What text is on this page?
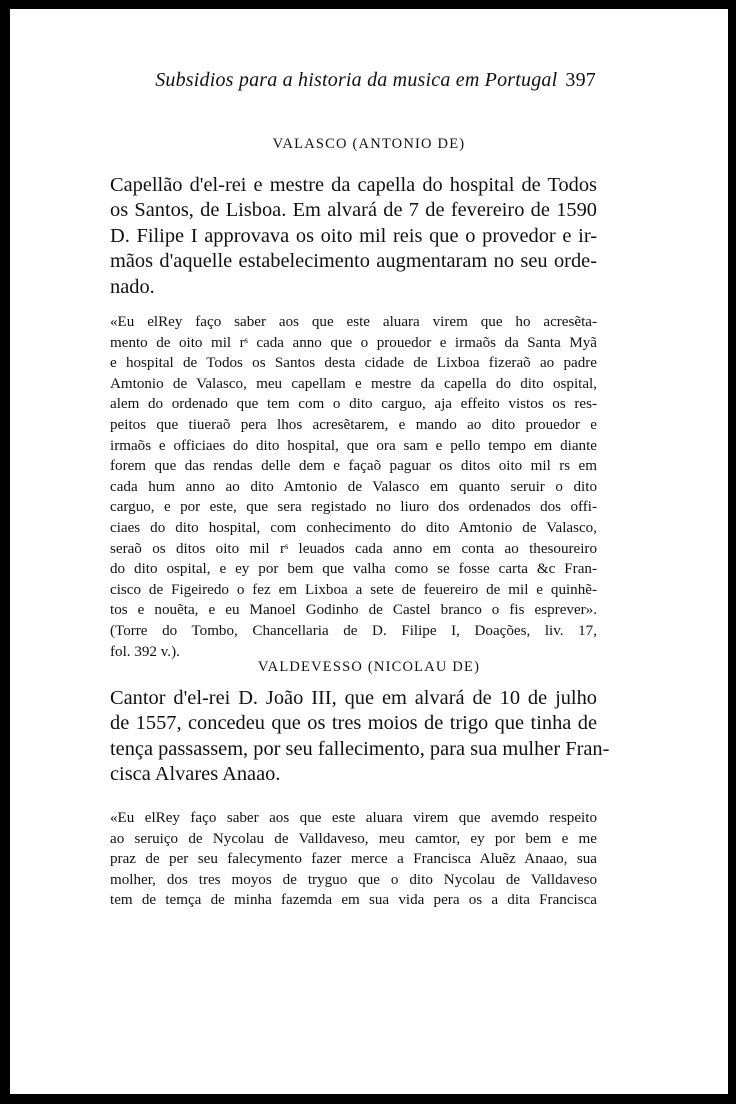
Subsidios para a historia da musica em Portugal 397
VALASCO (ANTONIO DE)
Capellão d'el-rei e mestre da capella do hospital de Todos
os Santos, de Lisboa. Em alvará de 7 de fevereiro de 1590
D. Filipe I approvava os oito mil reis que o provedor e ir-
mãos d'aquelle estabelecimento augmentaram no seu orde-
nado.
«Eu elRey faço saber aos que este aluara virem que ho acresẽta-
mento de oito mil rˢ cada anno que o prouedor e irmaõs da Santa Myã
e hospital de Todos os Santos desta cidade de Lixboa fizeraõ ao padre
Amtonio de Valasco, meu capellam e mestre da capella do dito ospital,
alem do ordenado que tem com o dito carguo, aja effeito vistos os res-
peitos que tiueraõ pera lhos acresẽtarem, e mando ao dito prouedor e
irmaõs e officiaes do dito hospital, que ora sam e pello tempo em diante
forem que das rendas delle dem e façaõ paguar os ditos oito mil rs em
cada hum anno ao dito Amtonio de Valasco em quanto seruir o dito
carguo, e por este, que sera registado no liuro dos ordenados dos offi-
ciaes do dito hospital, com conhecimento do dito Amtonio de Valasco,
seraõ os ditos oito mil rˢ leuados cada anno em conta ao thesoureiro
do dito ospital, e ey por bem que valha como se fosse carta &c Fran-
cisco de Figeiredo o fez em Lixboa a sete de feuereiro de mil e quinhẽ-
tos e nouẽta, e eu Manoel Godinho de Castel branco o fis esprever».
(Torre do Tombo, Chancellaria de D. Filipe I, Doações, liv. 17,
fol. 392 v.).
VALDEVESSO (NICOLAU DE)
Cantor d'el-rei D. João III, que em alvará de 10 de julho
de 1557, concedeu que os tres moios de trigo que tinha de
tença passassem, por seu fallecimento, para sua mulher Fran-
cisca Alvares Anaao.
«Eu elRey faço saber aos que este aluara virem que avemdo respeito
ao seruiço de Nycolau de Valldaveso, meu camtor, ey por bem e me
praz de per seu falecymento fazer merce a Francisca Aluẽz Anaao, sua
molher, dos tres moyos de tryguo que o dito Nycolau de Valldaveso
tem de temça de minha fazemda em sua vida pera os a dita Francisca
